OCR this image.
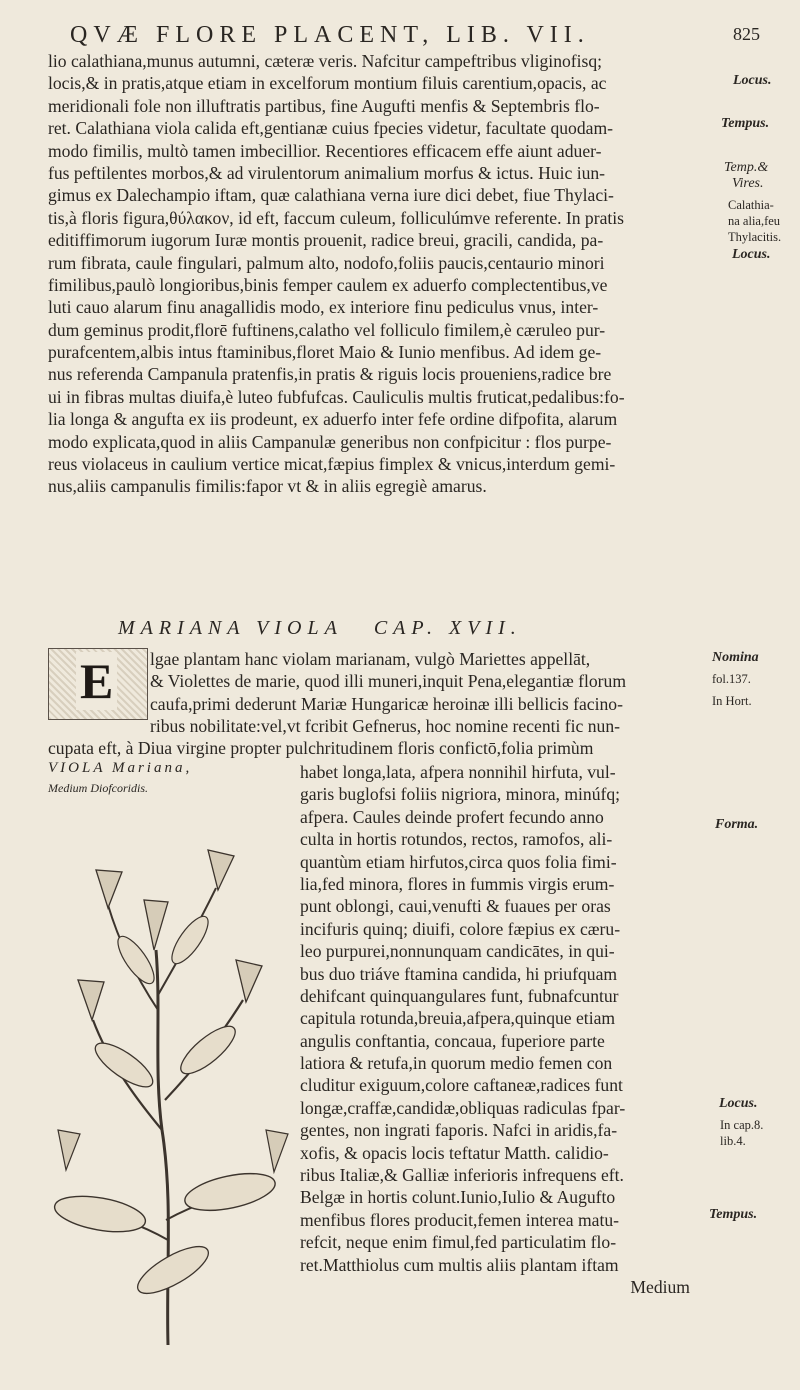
QVÆ FLORE PLACENT, LIB. VII.	825
lio calathiana,munus autumni, cæteræ veris. Nafcitur campeftribus vliginofisq;
locis,& in pratis,atque etiam in excelforum montium filuis carentium,opacis, ac
meridionali fole non illuftratis partibus, fine Augufti menfis & Septembris flo-
ret. Calathiana viola calida eft,gentianæ cuius fpecies videtur, facultate quodam-
modo fimilis, multò tamen imbecillior. Recentiores efficacem effe aiunt aduer-
fus peftilentes morbos,& ad virulentorum animalium morfus & ictus. Huic iun-
gimus ex Dalechampio iftam, quæ calathiana verna iure dici debet, fiue Thylaci-
tis,à floris figura,θύλακον, id eft, faccum culeum, folliculúmve referente. In pratis
editiffimorum iugorum Iuræ montis prouenit, radice breui, gracili, candida, pa-
rum fibrata, caule fingulari, palmum alto, nodofo,foliis paucis,centaurio minori
fimilibus,paulò longioribus,binis femper caulem ex aduerfo complectentibus,ve
luti cauo alarum finu anagallidis modo, ex interiore finu pediculus vnus, inter-
dum geminus prodit,florē fuftinens,calatho vel folliculo fimilem,è cæruleo pur-
purafcentem,albis intus ftaminibus,floret Maio & Iunio menfibus. Ad idem ge-
nus referenda Campanula pratenfis,in pratis & riguis locis proueniens,radice bre
ui in fibras multas diuifa,è luteo fubfufcas. Cauliculis multis fruticat,pedalibus:fo-
lia longa & angufta ex iis prodeunt, ex aduerfo inter fefe ordine difpofita, alarum
modo explicata,quod in aliis Campanulæ generibus non confpicitur : flos purpe-
reus violaceus in caulium vertice micat,fæpius fimplex & vnicus,interdum gemi-
nus,aliis campanulis fimilis:fapor vt & in aliis egregiè amarus.
Locus.
Tempus.
Temp.&
Vires.
Calathia-
na alia,feu
Thylacitis.
Locus.
MARIANA VIOLA CAP. XVII.
E lgae plantam hanc violam marianam, vulgò Mariettes appellāt,
& Violettes de marie, quod illi muneri,inquit Pena,elegantiæ florum
caufa,primi dederunt Mariæ Hungaricæ heroinæ illi bellicis facino-
ribus nobilitate:vel,vt fcribit Gefnerus, hoc nomine recenti fic nun-
cupata eft, à Diua virgine propter pulchritudinem floris confictō,folia primùm
Nomina
fol.137.
In Hort.
Forma.
Locus.
In cap.8.
lib.4.
Tempus.
VIOLA Mariana,
Medium Diofcoridis.
habet longa,lata, afpera nonnihil hirfuta, vul-
garis buglofsi foliis nigriora, minora, minúfq;
afpera. Caules deinde profert fecundo anno
culta in hortis rotundos, rectos, ramofos, ali-
quantùm etiam hirfutos,circa quos folia fimi-
lia,fed minora, flores in fummis virgis erum-
punt oblongi, caui,venufti & fuaues per oras
incifuris quinq; diuifi, colore fæpius ex cæru-
leo purpurei,nonnunquam candicātes, in qui-
bus duo triáve ftamina candida, hi priufquam
dehifcant quinquangulares funt, fubnafcuntur
capitula rotunda,breuia,afpera,quinque etiam
angulis conftantia, concaua, fuperiore parte
latiora & retufa,in quorum medio femen con
cluditur exiguum,colore caftaneæ,radices funt
longæ,craffæ,candidæ,obliquas radiculas fpar-
gentes, non ingrati faporis. Nafci in aridis,fa-
xofis, & opacis locis teftatur Matth. calidio-
ribus Italiæ,& Galliæ inferioris infrequens eft.
Belgæ in hortis colunt.Iunio,Iulio & Augufto
menfibus flores producit,femen interea matu-
refcit, neque enim fimul,fed particulatim flo-
ret.Matthiolus cum multis aliis plantam iftam
Medium
